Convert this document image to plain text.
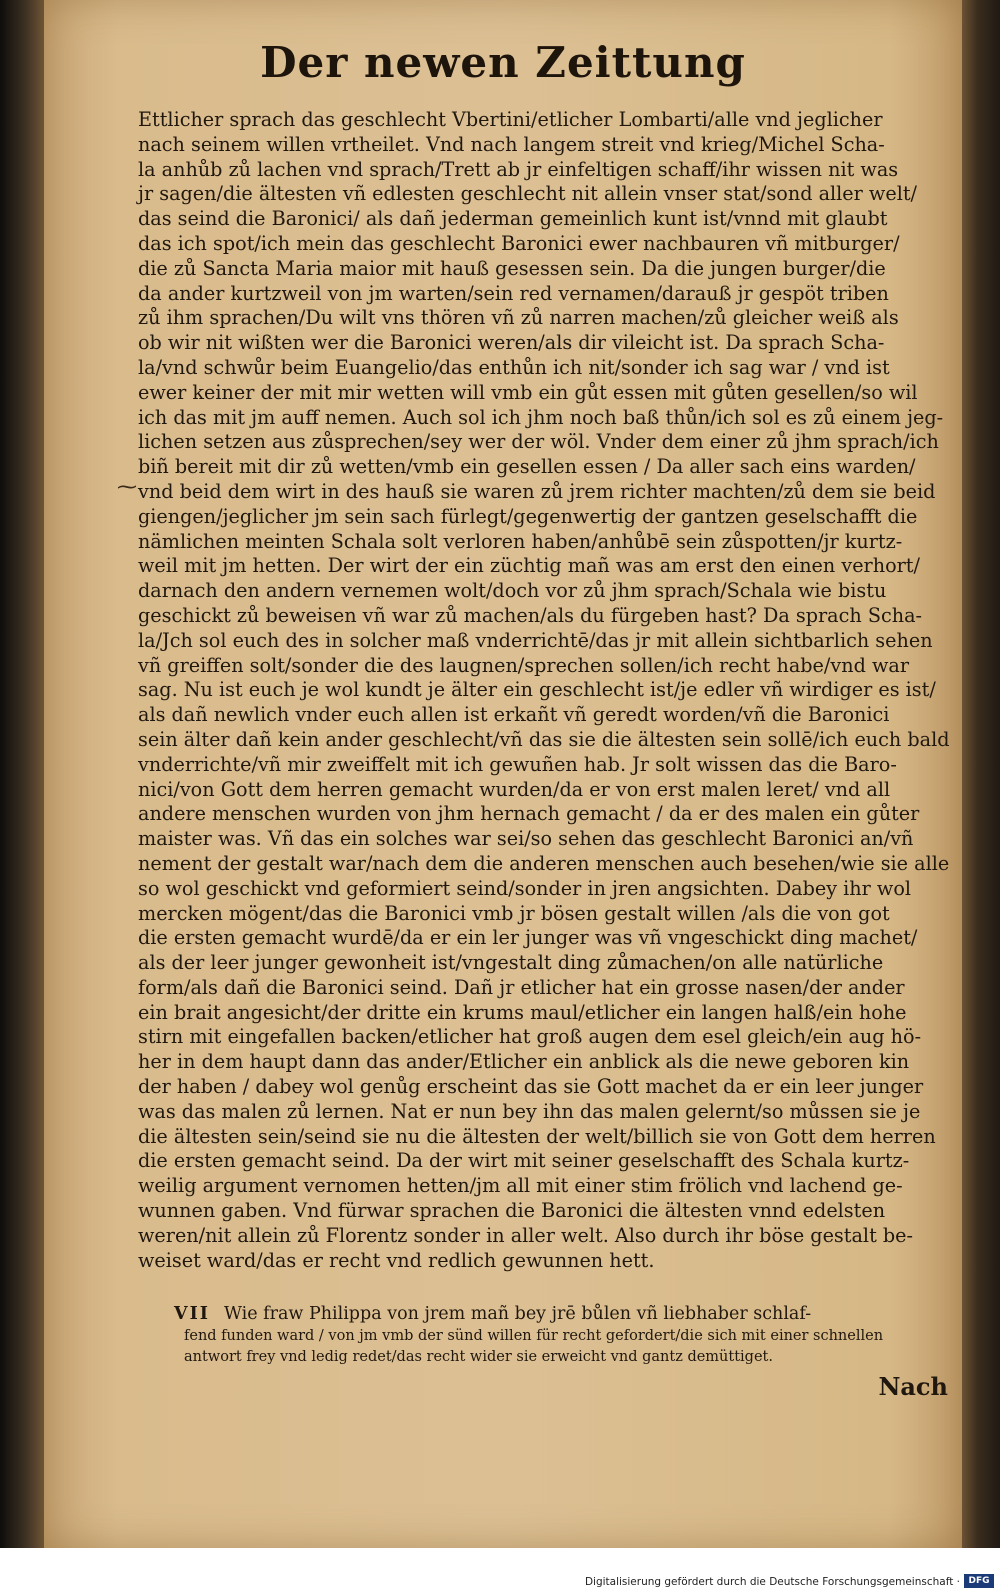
Der newen Zeittung
⁓
Ettlicher sprach das geschlecht Vbertini/etlicher Lombarti/alle vnd jeglicher
nach seinem willen vrtheilet. Vnd nach langem streit vnd krieg/Michel Scha-
la anhůb zů lachen vnd sprach/Trett ab jr einfeltigen schaff/ihr wissen nit was
jr sagen/die ältesten vñ edlesten geschlecht nit allein vnser stat/sond aller welt/
das seind die Baronici/ als dañ jederman gemeinlich kunt ist/vnnd mit glaubt
das ich spot/ich mein das geschlecht Baronici ewer nachbauren vñ mitburger/
die zů Sancta Maria maior mit hauß gesessen sein. Da die jungen burger/die
da ander kurtzweil von jm warten/sein red vernamen/darauß jr gespöt triben
zů ihm sprachen/Du wilt vns thören vñ zů narren machen/zů gleicher weiß als
ob wir nit wißten wer die Baronici weren/als dir vileicht ist. Da sprach Scha-
la/vnd schwůr beim Euangelio/das enthůn ich nit/sonder ich sag war / vnd ist
ewer keiner der mit mir wetten will vmb ein gůt essen mit gůten gesellen/so wil
ich das mit jm auff nemen. Auch sol ich jhm noch baß thůn/ich sol es zů einem jeg-
lichen setzen aus zůsprechen/sey wer der wöl. Vnder dem einer zů jhm sprach/ich
biñ bereit mit dir zů wetten/vmb ein gesellen essen / Da aller sach eins warden/
vnd beid dem wirt in des hauß sie waren zů jrem richter machten/zů dem sie beid
giengen/jeglicher jm sein sach fürlegt/gegenwertig der gantzen geselschafft die
nämlichen meinten Schala solt verloren haben/anhůbē sein zůspotten/jr kurtz-
weil mit jm hetten. Der wirt der ein züchtig mañ was am erst den einen verhort/
darnach den andern vernemen wolt/doch vor zů jhm sprach/Schala wie bistu
geschickt zů beweisen vñ war zů machen/als du fürgeben hast? Da sprach Scha-
la/Jch sol euch des in solcher maß vnderrichtē/das jr mit allein sichtbarlich sehen
vñ greiffen solt/sonder die des laugnen/sprechen sollen/ich recht habe/vnd war
sag. Nu ist euch je wol kundt je älter ein geschlecht ist/je edler vñ wirdiger es ist/
als dañ newlich vnder euch allen ist erkañt vñ geredt worden/vñ die Baronici
sein älter dañ kein ander geschlecht/vñ das sie die ältesten sein sollē/ich euch bald
vnderrichte/vñ mir zweiffelt mit ich gewuñen hab. Jr solt wissen das die Baro-
nici/von Gott dem herren gemacht wurden/da er von erst malen leret/ vnd all
andere menschen wurden von jhm hernach gemacht / da er des malen ein gůter
maister was. Vñ das ein solches war sei/so sehen das geschlecht Baronici an/vñ
nement der gestalt war/nach dem die anderen menschen auch besehen/wie sie alle
so wol geschickt vnd geformiert seind/sonder in jren angsichten. Dabey ihr wol
mercken mögent/das die Baronici vmb jr bösen gestalt willen /als die von got
die ersten gemacht wurdē/da er ein ler junger was vñ vngeschickt ding machet/
als der leer junger gewonheit ist/vngestalt ding zůmachen/on alle natürliche
form/als dañ die Baronici seind. Dañ jr etlicher hat ein grosse nasen/der ander
ein brait angesicht/der dritte ein krums maul/etlicher ein langen halß/ein hohe
stirn mit eingefallen backen/etlicher hat groß augen dem esel gleich/ein aug hö-
her in dem haupt dann das ander/Etlicher ein anblick als die newe geboren kin
der haben / dabey wol genůg erscheint das sie Gott machet da er ein leer junger
was das malen zů lernen. Nat er nun bey ihn das malen gelernt/so můssen sie je
die ältesten sein/seind sie nu die ältesten der welt/billich sie von Gott dem herren
die ersten gemacht seind. Da der wirt mit seiner geselschafft des Schala kurtz-
weilig argument vernomen hetten/jm all mit einer stim frölich vnd lachend ge-
wunnen gaben. Vnd fürwar sprachen die Baronici die ältesten vnnd edelsten
weren/nit allein zů Florentz sonder in aller welt. Also durch ihr böse gestalt be-
weiset ward/das er recht vnd redlich gewunnen hett.
VII Wie fraw Philippa von jrem mañ bey jrē bůlen vñ liebhaber schlaf-
fend funden ward / von jm vmb der sünd willen für recht gefordert/die sich mit einer schnellen
antwort frey vnd ledig redet/das recht wider sie erweicht vnd gantz demüttiget.
Nach
Digitalisierung gefördert durch die Deutsche Forschungsgemeinschaft · DFG
